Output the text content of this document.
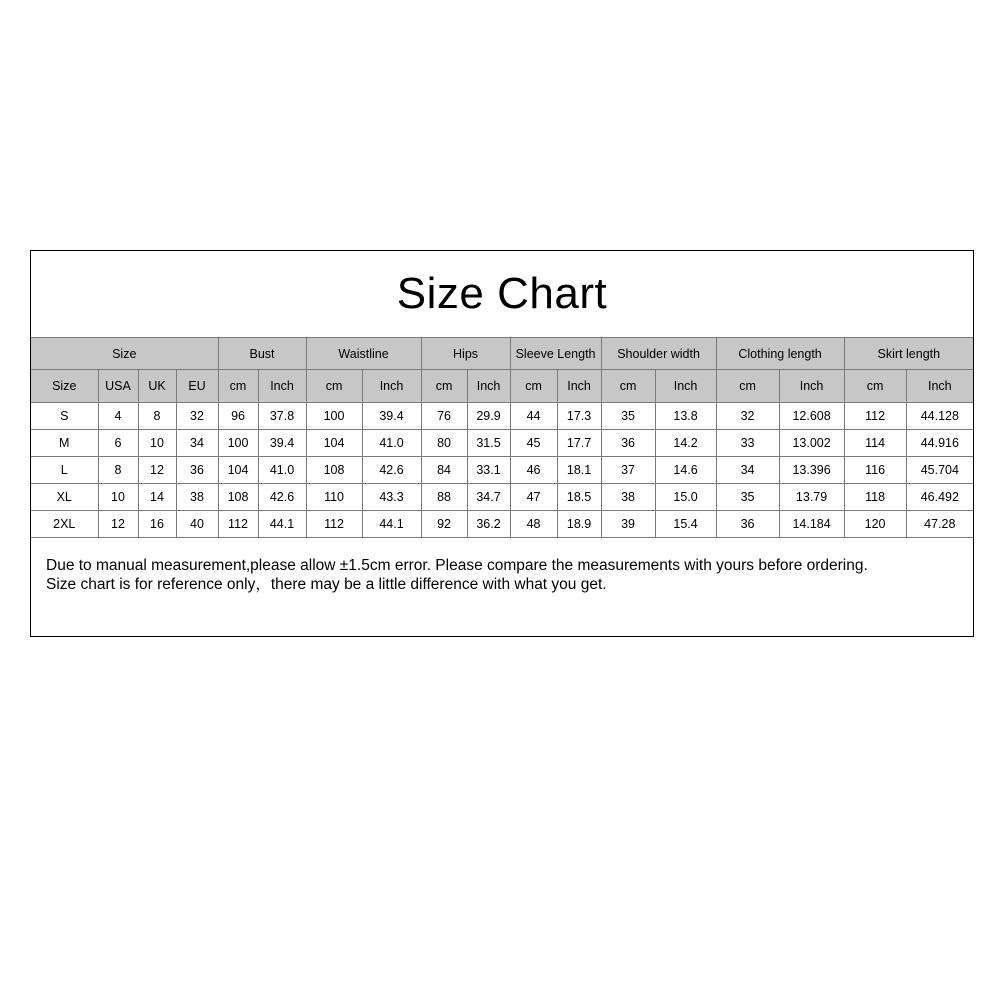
Size Chart
Size				Bust		Waistline		Hips		Sleeve Length		Shoulder width		Clothing length		Skirt length	
Size	USA	UK	EU	cm	Inch	cm	Inch	cm	Inch	cm	Inch	cm	Inch	cm	Inch	cm	Inch
S	4	8	32	96	37.8	100	39.4	76	29.9	44	17.3	35	13.8	32	12.608	112	44.128
M	6	10	34	100	39.4	104	41.0	80	31.5	45	17.7	36	14.2	33	13.002	114	44.916
L	8	12	36	104	41.0	108	42.6	84	33.1	46	18.1	37	14.6	34	13.396	116	45.704
XL	10	14	38	108	42.6	110	43.3	88	34.7	47	18.5	38	15.0	35	13.79	118	46.492
2XL	12	16	40	112	44.1	112	44.1	92	36.2	48	18.9	39	15.4	36	14.184	120	47.28
Due to manual measurement,please allow ±1.5cm error. Please compare the measurements with yours before ordering.
Size chart is for reference only，there may be a little difference with what you get.
